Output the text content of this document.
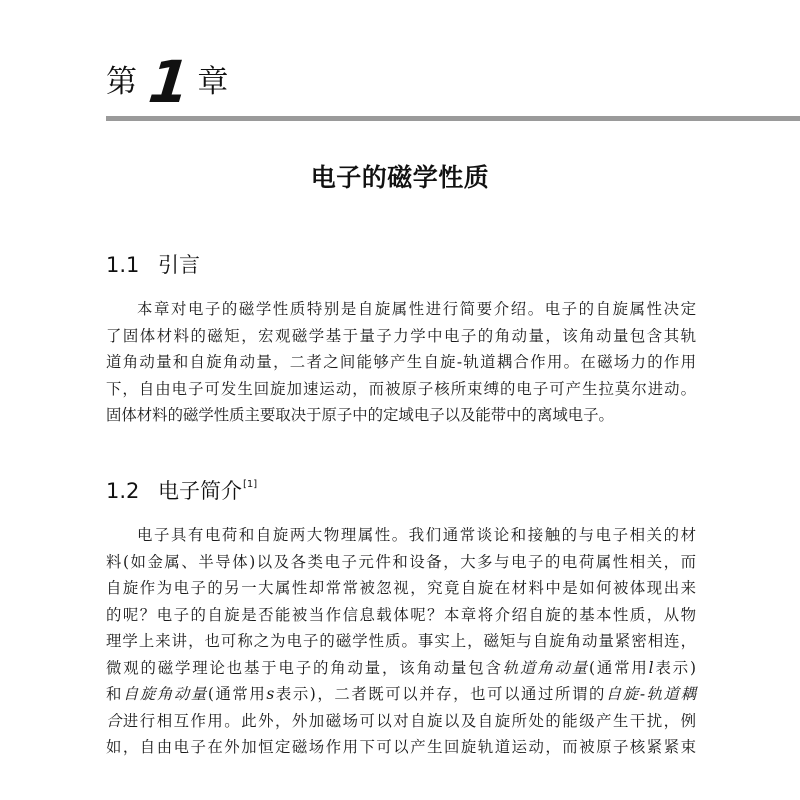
第 1 章
电子的磁学性质
1.1 引言
本章对电子的磁学性质特别是自旋属性进行简要介绍。电子的自旋属性决定
了固体材料的磁矩，宏观磁学基于量子力学中电子的角动量，该角动量包含其轨
道角动量和自旋角动量，二者之间能够产生自旋-轨道耦合作用。在磁场力的作用
下，自由电子可发生回旋加速运动，而被原子核所束缚的电子可产生拉莫尔进动。
固体材料的磁学性质主要取决于原子中的定域电子以及能带中的离域电子。
1.2 电子简介[1]
电子具有电荷和自旋两大物理属性。我们通常谈论和接触的与电子相关的材
料(如金属、半导体)以及各类电子元件和设备，大多与电子的电荷属性相关，而
自旋作为电子的另一大属性却常常被忽视，究竟自旋在材料中是如何被体现出来
的呢？电子的自旋是否能被当作信息载体呢？本章将介绍自旋的基本性质，从物
理学上来讲，也可称之为电子的磁学性质。事实上，磁矩与自旋角动量紧密相连，
微观的磁学理论也基于电子的角动量，该角动量包含轨道角动量(通常用l表示)
和自旋角动量(通常用s表示)，二者既可以并存，也可以通过所谓的自旋-轨道耦
合进行相互作用。此外，外加磁场可以对自旋以及自旋所处的能级产生干扰，例
如，自由电子在外加恒定磁场作用下可以产生回旋轨道运动，而被原子核紧紧束
